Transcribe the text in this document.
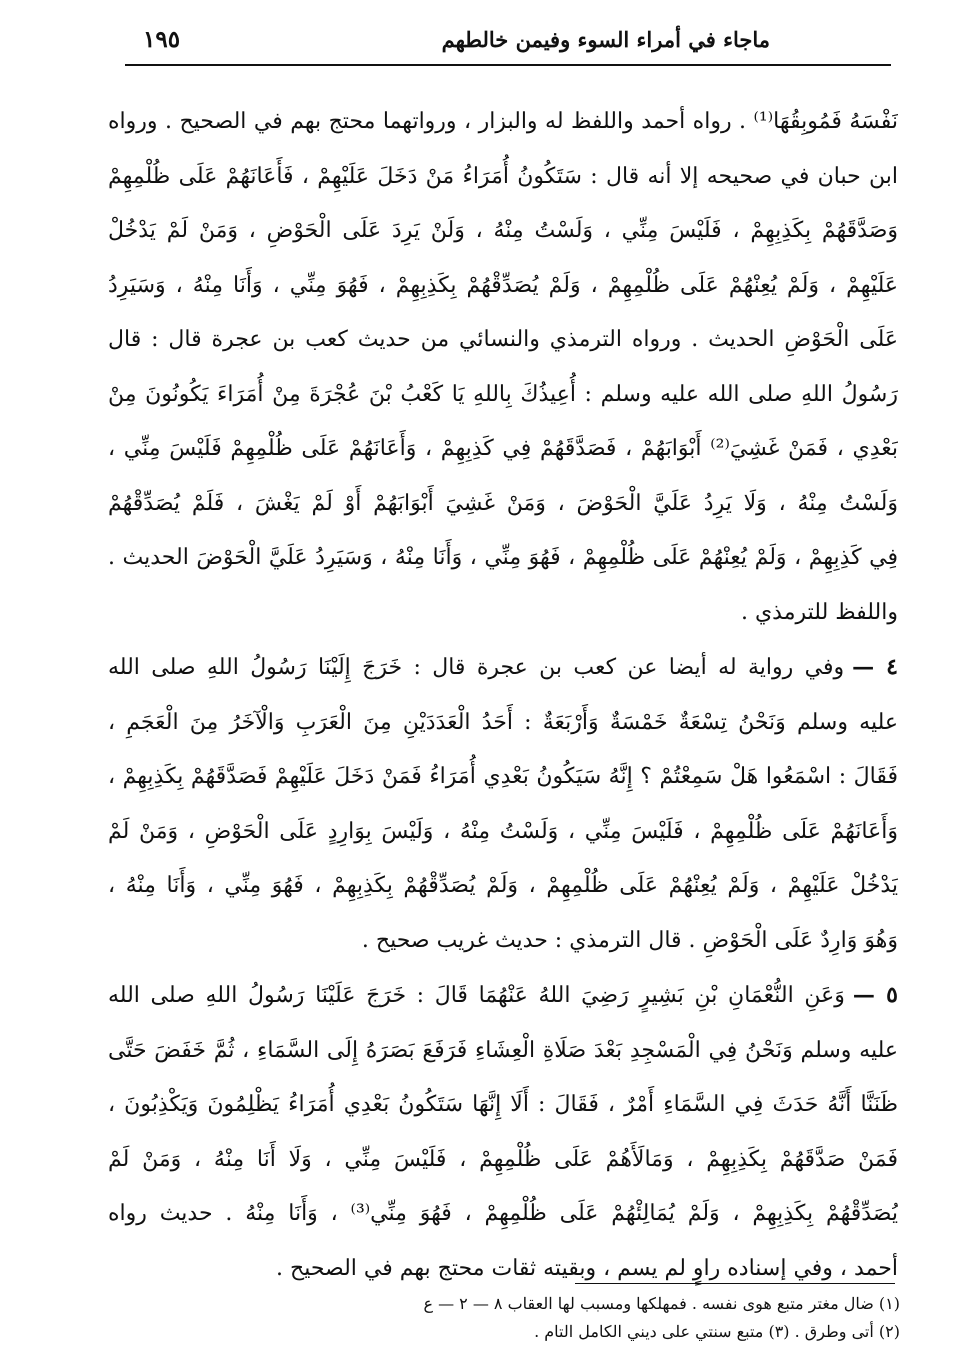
ماجاء في أمراء السوء وفيمن خالطهم
١٩٥

نَفْسَهُ فَمُوبِقُهَا⁽¹⁾ . رواه أحمد واللفظ له والبزار ، ورواتهما محتج بهم في الصحيح . ورواه
ابن حبان في صحيحه إلا أنه قال : سَتَكُونُ أُمَرَاءُ مَنْ دَخَلَ عَلَيْهِمْ ، فَأَعَانَهُمْ عَلَى ظُلْمِهِمْ
وَصَدَّقَهُمْ بِكَذِبِهِمْ ، فَلَيْسَ مِنِّي ، وَلَسْتُ مِنْهُ ، وَلَنْ يَرِدَ عَلَى الْحَوْضِ ، وَمَنْ لَمْ يَدْخُلْ
عَلَيْهِمْ ، وَلَمْ يُعِنْهُمْ عَلَى ظُلْمِهِمْ ، وَلَمْ يُصَدِّقْهُمْ بِكَذِبِهِمْ ، فَهُوَ مِنِّي ، وَأَنَا مِنْهُ ، وَسَيَرِدُ
عَلَى الْحَوْضِ الحديث . ورواه الترمذي والنسائي من حديث كعب بن عجرة قال : قال
رَسُولُ اللهِ صلى الله عليه وسلم : أُعِيذُكَ بِاللهِ يَا كَعْبُ بْنَ عُجْرَةَ مِنْ أُمَرَاءَ يَكُونُونَ مِنْ
بَعْدِي ، فَمَنْ غَشِيَ⁽²⁾ أَبْوَابَهُمْ ، فَصَدَّقَهُمْ فِي كَذِبِهِمْ ، وَأَعَانَهُمْ عَلَى ظُلْمِهِمْ فَلَيْسَ مِنِّي ،
وَلَسْتُ مِنْهُ ، وَلَا يَرِدُ عَلَيَّ الْحَوْضَ ، وَمَنْ غَشِيَ أَبْوَابَهُمْ أَوْ لَمْ يَغْشَ ، فَلَمْ يُصَدِّقْهُمْ
فِي كَذِبِهِمْ ، وَلَمْ يُعِنْهُمْ عَلَى ظُلْمِهِمْ ، فَهُوَ مِنِّي ، وَأَنَا مِنْهُ ، وَسَيَرِدُ عَلَيَّ الْحَوْضَ الحديث .
واللفظ للترمذي .

٤ —وفي رواية له أيضا عن كعب بن عجرة قال : خَرَجَ إِلَيْنَا رَسُولُ اللهِ صلى الله
عليه وسلم وَنَحْنُ تِسْعَةٌ خَمْسَةٌ وَأَرْبَعَةٌ : أَحَدُ الْعَدَدَيْنِ مِنَ الْعَرَبِ وَالْآخَرُ مِنَ الْعَجَمِ ،
فَقَالَ : اسْمَعُوا هَلْ سَمِعْتُمْ ؟ إِنَّهُ سَيَكُونُ بَعْدِي أُمَرَاءُ فَمَنْ دَخَلَ عَلَيْهِمْ فَصَدَّقَهُمْ بِكَذِبِهِمْ ،
وَأَعَانَهُمْ عَلَى ظُلْمِهِمْ ، فَلَيْسَ مِنِّي ، وَلَسْتُ مِنْهُ ، وَلَيْسَ بِوَارِدٍ عَلَى الْحَوْضِ ، وَمَنْ لَمْ
يَدْخُلْ عَلَيْهِمْ ، وَلَمْ يُعِنْهُمْ عَلَى ظُلْمِهِمْ ، وَلَمْ يُصَدِّقْهُمْ بِكَذِبِهِمْ ، فَهُوَ مِنِّي ، وَأَنَا مِنْهُ ،
وَهُوَ وَارِدٌ عَلَى الْحَوْضِ . قال الترمذي : حديث غريب صحيح .

٥ —وَعَنِ النُّعْمَانِ بْنِ بَشِيرٍ رَضِيَ اللهُ عَنْهُمَا قَالَ : خَرَجَ عَلَيْنَا رَسُولُ اللهِ صلى الله
عليه وسلم وَنَحْنُ فِي الْمَسْجِدِ بَعْدَ صَلَاةِ الْعِشَاءِ فَرَفَعَ بَصَرَهُ إِلَى السَّمَاءِ ، ثُمَّ خَفَضَ حَتَّى
ظَنَنَّا أَنَّهُ حَدَثَ فِي السَّمَاءِ أَمْرٌ ، فَقَالَ : أَلَا إِنَّهَا سَتَكُونُ بَعْدِي أُمَرَاءُ يَظْلِمُونَ وَيَكْذِبُونَ ،
فَمَنْ صَدَّقَهُمْ بِكَذِبِهِمْ ، وَمَالَأَهُمْ عَلَى ظُلْمِهِمْ ، فَلَيْسَ مِنِّي ، وَلَا أَنَا مِنْهُ ، وَمَنْ لَمْ
يُصَدِّقْهُمْ بِكَذِبِهِمْ ، وَلَمْ يُمَالِئْهُمْ عَلَى ظُلْمِهِمْ ، فَهُوَ مِنِّي⁽³⁾ ، وَأَنَا مِنْهُ . حديث رواه
أحمد ، وفي إسناده راوٍ لم يسم ، وبقيته ثقات محتج بهم في الصحيح .

(١) ضال مغتر متبع هوى نفسه . فمهلكها ومسبب لها العقاب ٨ — ٢ — ع
(٢) أتى وطرق . (٣) متبع سنتي على ديني الكامل التام .
